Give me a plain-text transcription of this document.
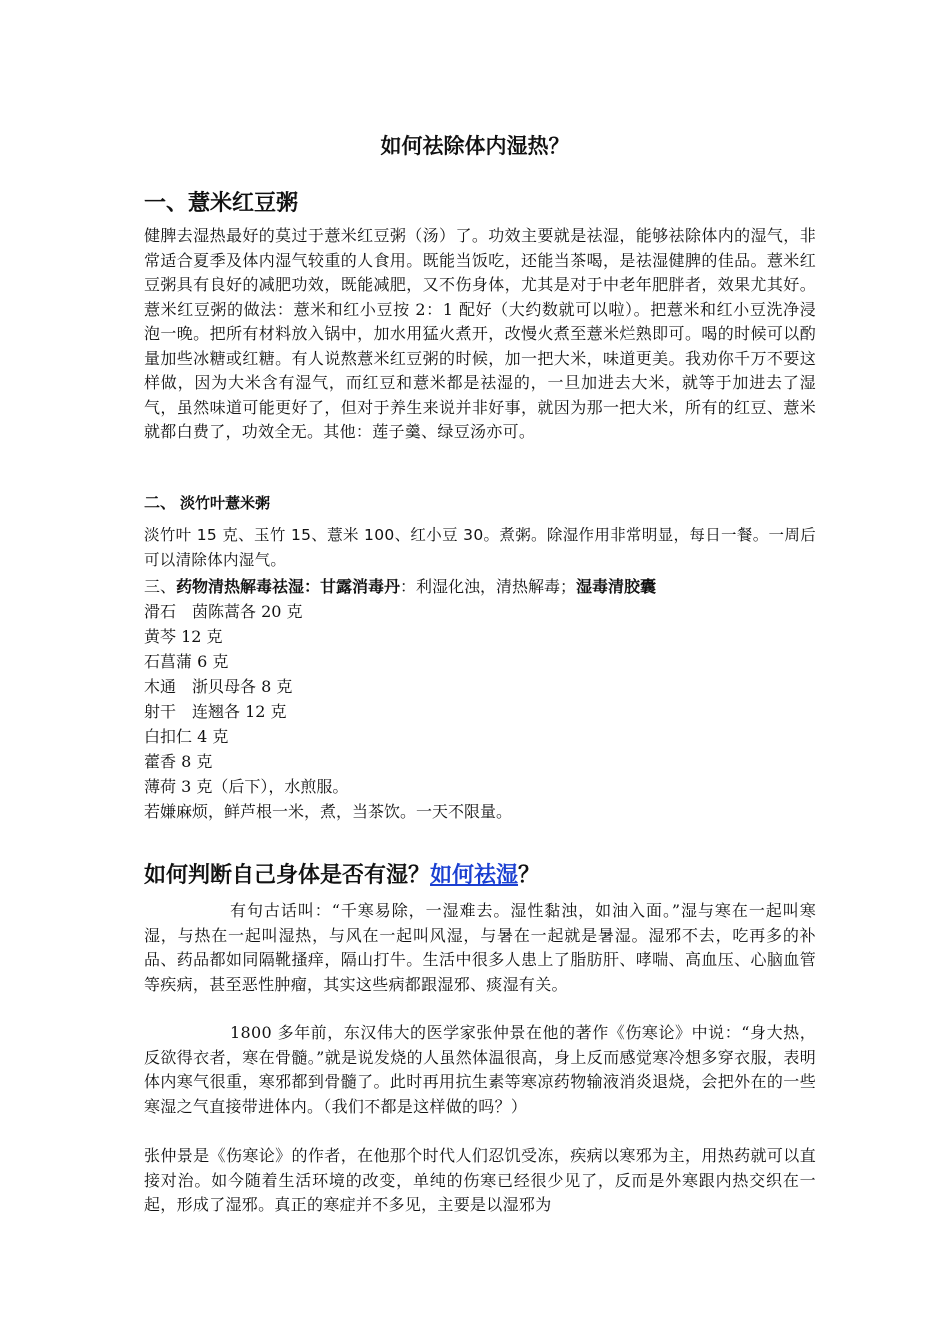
如何祛除体内湿热？
一、薏米红豆粥

健脾去湿热最好的莫过于薏米红豆粥（汤）了。功效主要就是祛湿，能够祛除体内的湿气，非常适合夏季及体内湿气较重的人食用。既能当饭吃，还能当茶喝，是祛湿健脾的佳品。薏米红豆粥具有良好的减肥功效，既能减肥，又不伤身体，尤其是对于中老年肥胖者，效果尤其好。薏米红豆粥的做法：薏米和红小豆按 2：1 配好（大约数就可以啦）。把薏米和红小豆洗净浸泡一晚。把所有材料放入锅中，加水用猛火煮开，改慢火煮至薏米烂熟即可。喝的时候可以酌量加些冰糖或红糖。有人说熬薏米红豆粥的时候，加一把大米，味道更美。我劝你千万不要这样做，因为大米含有湿气，而红豆和薏米都是祛湿的，一旦加进去大米，就等于加进去了湿气，虽然味道可能更好了，但对于养生来说并非好事，就因为那一把大米，所有的红豆、薏米就都白费了，功效全无。其他：莲子羹、绿豆汤亦可。

二、 淡竹叶薏米粥

淡竹叶 15 克、玉竹 15、薏米 100、红小豆 30。煮粥。除湿作用非常明显，每日一餐。一周后可以清除体内湿气。

三、药物清热解毒祛湿：甘露消毒丹：利湿化浊，清热解毒；湿毒清胶囊

滑石　茵陈蒿各 20 克

黄芩 12 克

石菖蒲 6 克

木通　浙贝母各 8 克

射干　连翘各 12 克

白扣仁 4 克

藿香 8 克

薄荷 3 克（后下），水煎服。

若嫌麻烦，鲜芦根一米，煮，当茶饮。一天不限量。

如何判断自己身体是否有湿？如何祛湿？

有句古话叫：“千寒易除，一湿难去。湿性黏浊，如油入面。”湿与寒在一起叫寒湿，与热在一起叫湿热，与风在一起叫风湿，与暑在一起就是暑湿。湿邪不去，吃再多的补品、药品都如同隔靴搔痒，隔山打牛。生活中很多人患上了脂肪肝、哮喘、高血压、心脑血管等疾病，甚至恶性肿瘤，其实这些病都跟湿邪、痰湿有关。

1800 多年前，东汉伟大的医学家张仲景在他的著作《伤寒论》中说：“身大热，反欲得衣者，寒在骨髓。”就是说发烧的人虽然体温很高，身上反而感觉寒冷想多穿衣服，表明体内寒气很重，寒邪都到骨髓了。此时再用抗生素等寒凉药物输液消炎退烧，会把外在的一些寒湿之气直接带进体内。（我们不都是这样做的吗？）

张仲景是《伤寒论》的作者，在他那个时代人们忍饥受冻，疾病以寒邪为主，用热药就可以直接对治。如今随着生活环境的改变，单纯的伤寒已经很少见了，反而是外寒跟内热交织在一起，形成了湿邪。真正的寒症并不多见，主要是以湿邪为
